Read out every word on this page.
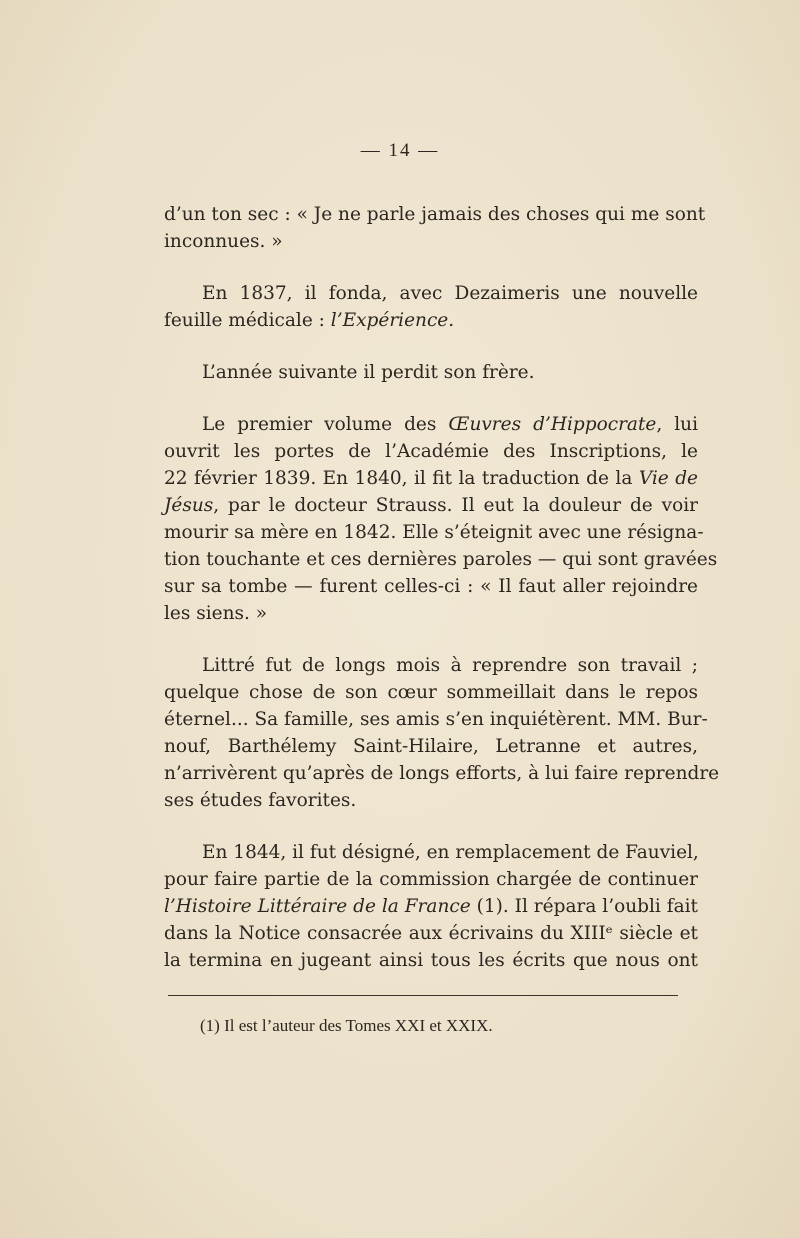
— 14 —
d’un ton sec : « Je ne parle jamais des choses qui me sont
inconnues. »
En 1837, il fonda, avec Dezaimeris une nouvelle
feuille médicale : l’Expérience.
L’année suivante il perdit son frère.
Le premier volume des Œuvres d’Hippocrate, lui
ouvrit les portes de l’Académie des Inscriptions, le
22 février 1839. En 1840, il fit la traduction de la Vie de
Jésus, par le docteur Strauss. Il eut la douleur de voir
mourir sa mère en 1842. Elle s’éteignit avec une résigna-
tion touchante et ces dernières paroles — qui sont gravées
sur sa tombe — furent celles-ci : « Il faut aller rejoindre
les siens. »
Littré fut de longs mois à reprendre son travail ;
quelque chose de son cœur sommeillait dans le repos
éternel... Sa famille, ses amis s’en inquiétèrent. MM. Bur-
nouf, Barthélemy Saint-Hilaire, Letranne et autres,
n’arrivèrent qu’après de longs efforts, à lui faire reprendre
ses études favorites.
En 1844, il fut désigné, en remplacement de Fauviel,
pour faire partie de la commission chargée de continuer
l’Histoire Littéraire de la France (1). Il répara l’oubli fait
dans la Notice consacrée aux écrivains du XIIIᵉ siècle et
la termina en jugeant ainsi tous les écrits que nous ont
(1) Il est l’auteur des Tomes XXI et XXIX.
